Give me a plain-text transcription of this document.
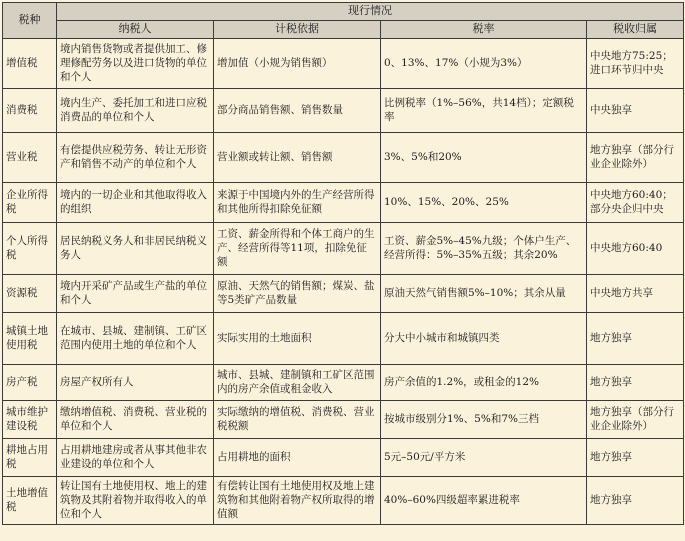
税种	现行情况			
	纳税人	计税依据	税率	税收归属
增值税	境内销售货物或者提供加工、修理修配劳务以及进口货物的单位和个人	增加值（小规为销售额）	0、13%、17%（小规为3%）	中央地方75:25；进口环节归中央
消费税	境内生产、委托加工和进口应税消费品的单位和个人	部分商品销售额、销售数量	比例税率（1%–56%，共14档）；定额税率	中央独享
营业税	有偿提供应税劳务、转让无形资产和销售不动产的单位和个人	营业额或转让额、销售额	3%、5%和20%	地方独享（部分行业企业除外）
企业所得税	境内的一切企业和其他取得收入的组织	来源于中国境内外的生产经营所得和其他所得扣除免征额	10%、15%、20%、25%	中央地方60:40；部分央企归中央
个人所得税	居民纳税义务人和非居民纳税义务人	工资、薪金所得和个体工商户的生产、经营所得等11项，扣除免征额	工资、薪金5%–45%九级；个体户生产、经营所得：5%–35%五级；其余20%	中央地方60:40
资源税	境内开采矿产品或生产盐的单位和个人	原油、天然气的销售额；煤炭、盐等5类矿产品数量	原油天然气销售额5%–10%；其余从量	中央地方共享
城镇土地使用税	在城市、县城、建制镇、工矿区范围内使用土地的单位和个人	实际实用的土地面积	分大中小城市和城镇四类	地方独享
房产税	房屋产权所有人	城市、县城、建制镇和工矿区范围内的房产余值或租金收入	房产余值的1.2%，或租金的12%	地方独享
城市维护建设税	缴纳增值税、消费税、营业税的单位和个人	实际缴纳的增值税、消费税、营业税税额	按城市级别分1%、5%和7%三档	地方独享（部分行业企业除外）
耕地占用税	占用耕地建房或者从事其他非农业建设的单位和个人	占用耕地的面积	5元–50元/平方米	地方独享
土地增值税	转让国有土地使用权、地上的建筑物及其附着物并取得收入的单位和个人	有偿转让国有土地使用权及地上建筑物和其他附着物产权所取得的增值额	40%–60%四级超率累进税率	地方独享
